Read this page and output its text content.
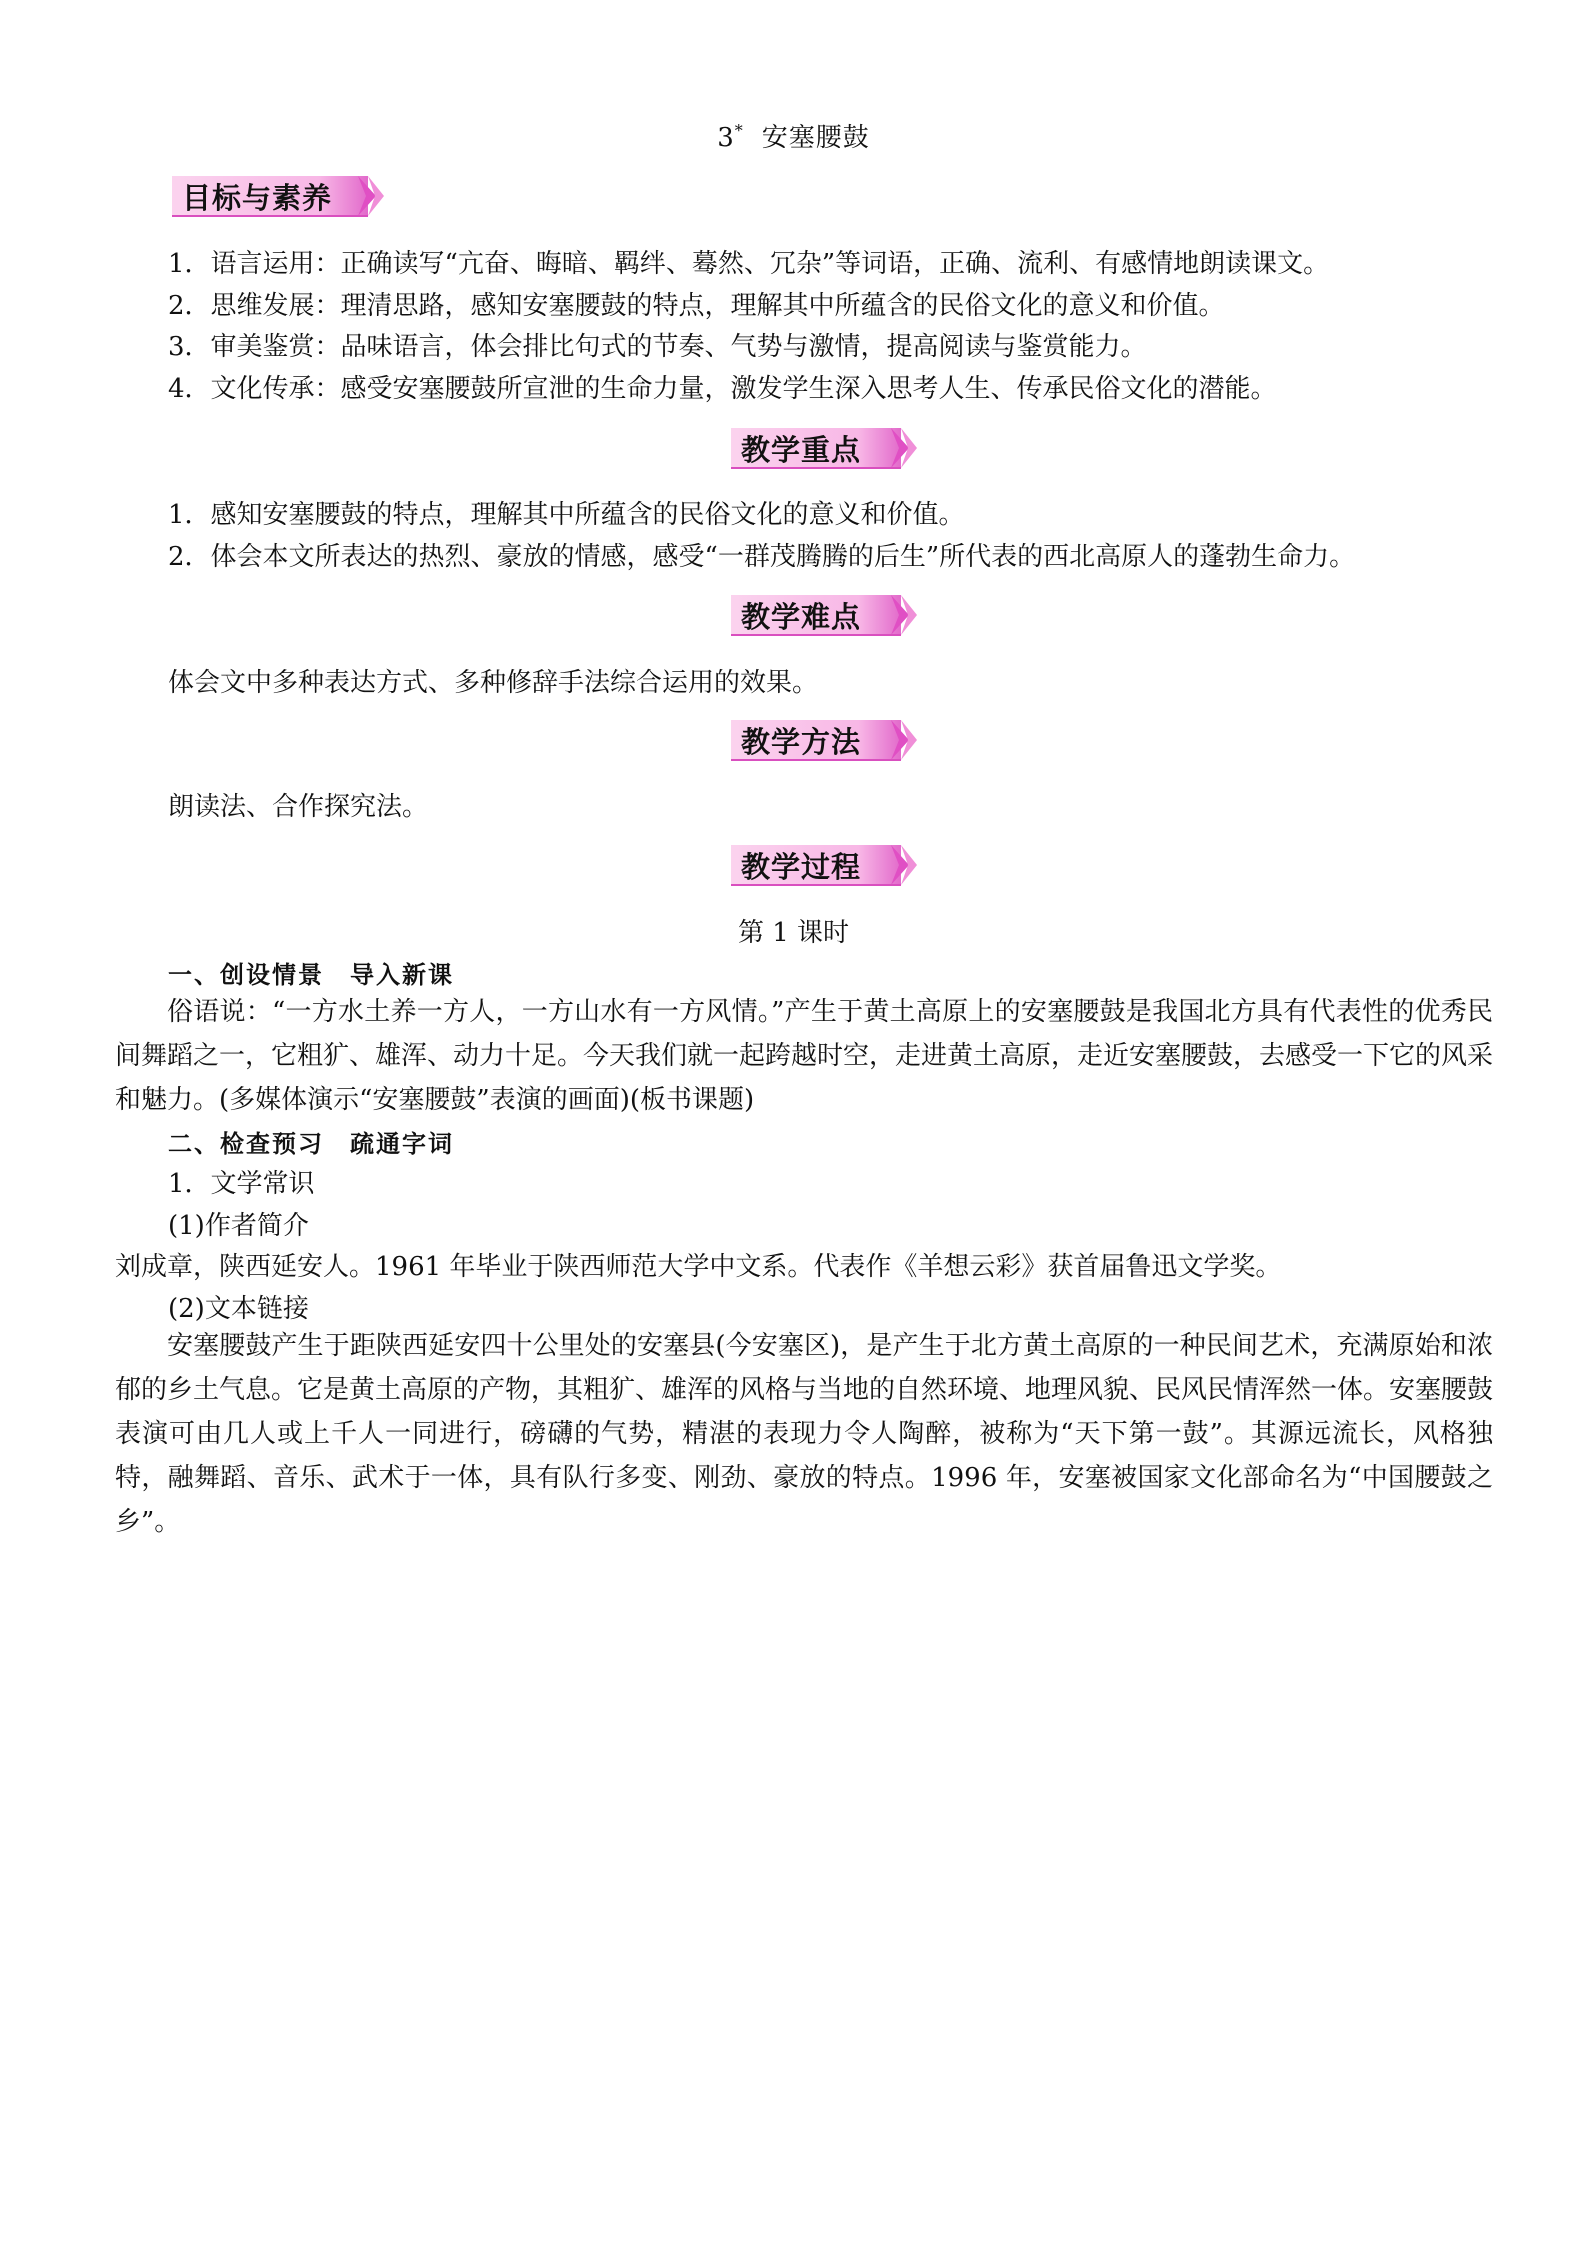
3* 安塞腰鼓
目标与素养
1．语言运用：正确读写“亢奋、晦暗、羁绊、蓦然、冗杂”等词语，正确、流利、有感情地朗读课文。
2．思维发展：理清思路，感知安塞腰鼓的特点，理解其中所蕴含的民俗文化的意义和价值。
3．审美鉴赏：品味语言，体会排比句式的节奏、气势与激情，提高阅读与鉴赏能力。
4．文化传承：感受安塞腰鼓所宣泄的生命力量，激发学生深入思考人生、传承民俗文化的潜能。
教学重点
1．感知安塞腰鼓的特点，理解其中所蕴含的民俗文化的意义和价值。
2．体会本文所表达的热烈、豪放的情感，感受“一群茂腾腾的后生”所代表的西北高原人的蓬勃生命力。
教学难点
体会文中多种表达方式、多种修辞手法综合运用的效果。
教学方法
朗读法、合作探究法。
教学过程
第 1 课时
一、创设情景　导入新课

俗语说：“一方水土养一方人，一方山水有一方风情。”产生于黄土高原上的安塞腰鼓是我国北方具有代表性的优秀民间舞蹈之一，它粗犷、雄浑、动力十足。今天我们就一起跨越时空，走进黄土高原，走近安塞腰鼓，去感受一下它的风采和魅力。(多媒体演示“安塞腰鼓”表演的画面)(板书课题)

二、检查预习　疏通字词
1．文学常识
(1)作者简介
刘成章，陕西延安人。1961 年毕业于陕西师范大学中文系。代表作《羊想云彩》获首届鲁迅文学奖。
(2)文本链接

安塞腰鼓产生于距陕西延安四十公里处的安塞县(今安塞区)，是产生于北方黄土高原的一种民间艺术，充满原始和浓郁的乡土气息。它是黄土高原的产物，其粗犷、雄浑的风格与当地的自然环境、地理风貌、民风民情浑然一体。安塞腰鼓表演可由几人或上千人一同进行，磅礴的气势，精湛的表现力令人陶醉，被称为“天下第一鼓”。其源远流长，风格独特，融舞蹈、音乐、武术于一体，具有队行多变、刚劲、豪放的特点。1996 年，安塞被国家文化部命名为“中国腰鼓之乡”。
